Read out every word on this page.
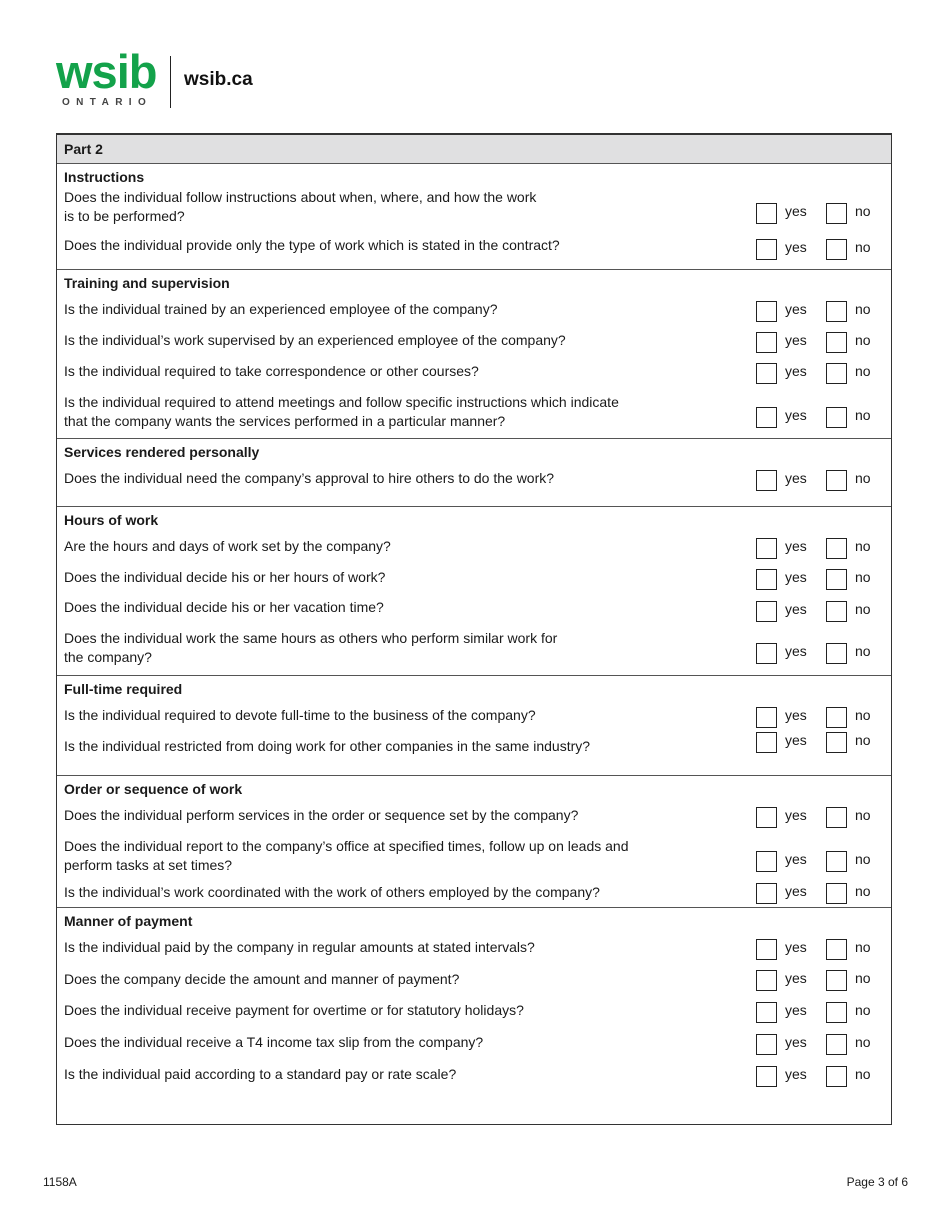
wsib
ONTARIO
wsib.ca
Part 2
Instructions
Does the individual follow instructions about when, where, and how the work
is to be performed?	yes	no
Does the individual provide only the type of work which is stated in the contract?	yes	no
Training and supervision
Is the individual trained by an experienced employee of the company?	yes	no
Is the individual’s work supervised by an experienced employee of the company?	yes	no
Is the individual required to take correspondence or other courses?	yes	no
Is the individual required to attend meetings and follow specific instructions which indicate
that the company wants the services performed in a particular manner?	yes	no
Services rendered personally
Does the individual need the company’s approval to hire others to do the work?	yes	no
Hours of work
Are the hours and days of work set by the company?	yes	no
Does the individual decide his or her hours of work?	yes	no
Does the individual decide his or her vacation time?	yes	no
Does the individual work the same hours as others who perform similar work for
the company?	yes	no
Full-time required
Is the individual required to devote full-time to the business of the company?	yes	no
Is the individual restricted from doing work for other companies in the same industry?	yes	no
Order or sequence of work
Does the individual perform services in the order or sequence set by the company?	yes	no
Does the individual report to the company’s office at specified times, follow up on leads and
perform tasks at set times?	yes	no
Is the individual’s work coordinated with the work of others employed by the company?	yes	no
Manner of payment
Is the individual paid by the company in regular amounts at stated intervals?	yes	no
Does the company decide the amount and manner of payment?	yes	no
Does the individual receive payment for overtime or for statutory holidays?	yes	no
Does the individual receive a T4 income tax slip from the company?	yes	no
Is the individual paid according to a standard pay or rate scale?	yes	no
1158A	Page 3 of 6
